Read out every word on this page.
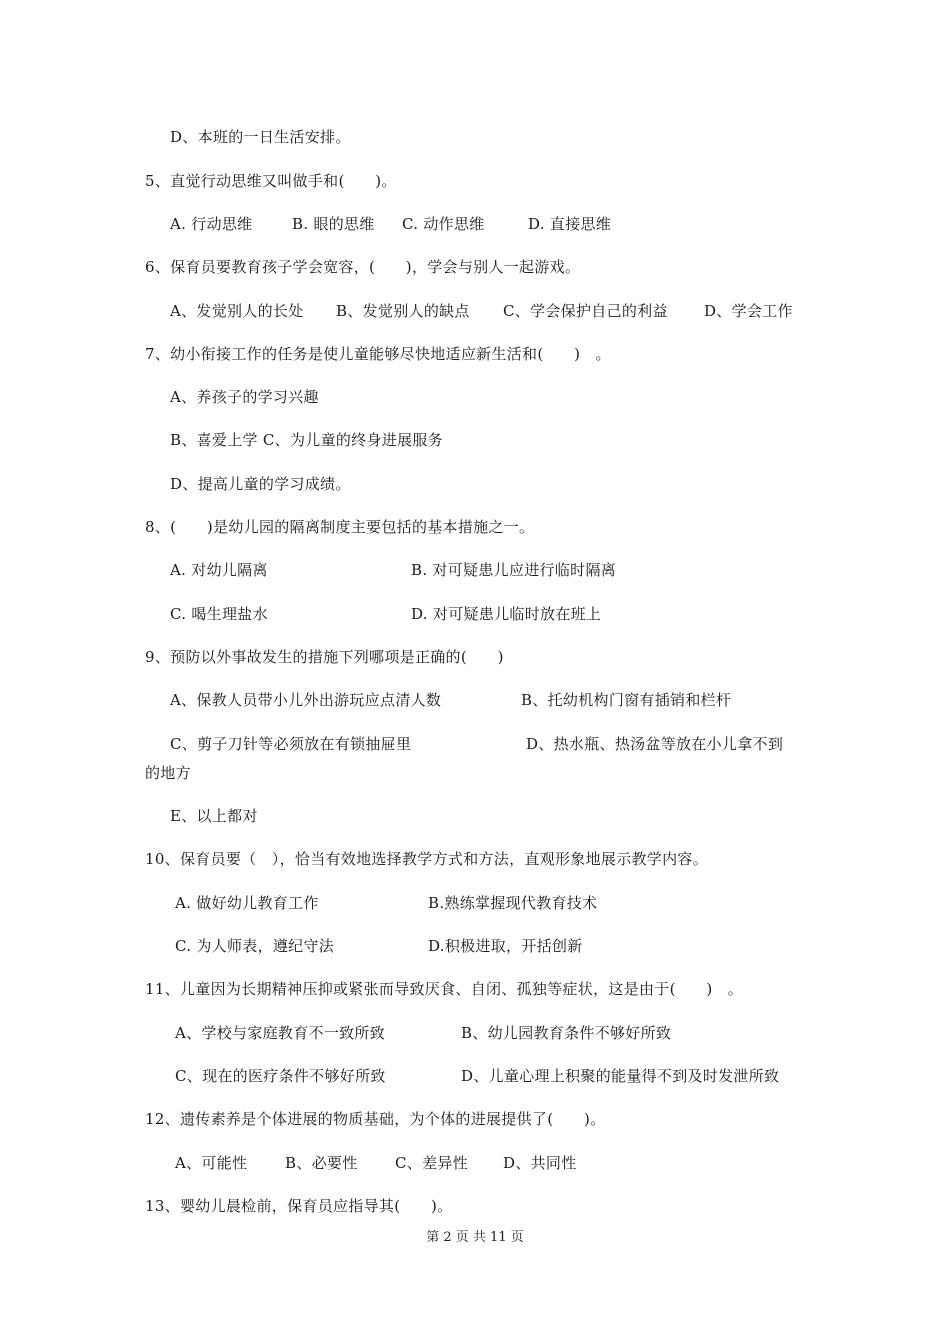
D、本班的一日生活安排。
5、直觉行动思维又叫做手和(　　)。
A. 行动思维	B. 眼的思维 C. 动作思维	D. 直接思维
6、保育员要教育孩子学会宽容，(　　)，学会与别人一起游戏。
A、发觉别人的长处 B、发觉别人的缺点 C、学会保护自己的利益 D、学会工作
7、幼小衔接工作的任务是使儿童能够尽快地适应新生活和(　　)　。
A、养孩子的学习兴趣
B、喜爱上学 C、为儿童的终身进展服务
D、提高儿童的学习成绩。
8、(　　)是幼儿园的隔离制度主要包括的基本措施之一。
A. 对幼儿隔离	B. 对可疑患儿应进行临时隔离
C. 喝生理盐水	D. 对可疑患儿临时放在班上
9、预防以外事故发生的措施下列哪项是正确的(　　)
A、保教人员带小儿外出游玩应点清人数	B、托幼机构门窗有插销和栏杆
C、剪子刀针等必须放在有锁抽屉里	D、热水瓶、热汤盆等放在小儿拿不到
的地方
E、以上都对
10、保育员要（　），恰当有效地选择教学方式和方法，直观形象地展示教学内容。
A. 做好幼儿教育工作	B.熟练掌握现代教育技术
C. 为人师表，遵纪守法	D.积极进取，开括创新
11、儿童因为长期精神压抑或紧张而导致厌食、自闭、孤独等症状，这是由于(　　)　。
A、学校与家庭教育不一致所致	B、幼儿园教育条件不够好所致
C、现在的医疗条件不够好所致	D、儿童心理上积聚的能量得不到及时发泄所致
12、遗传素养是个体进展的物质基础，为个体的进展提供了(　　)。
A、可能性	B、必要性 C、差异性 D、共同性
13、婴幼儿晨检前，保育员应指导其(　　)。
第 2 页 共 11 页
